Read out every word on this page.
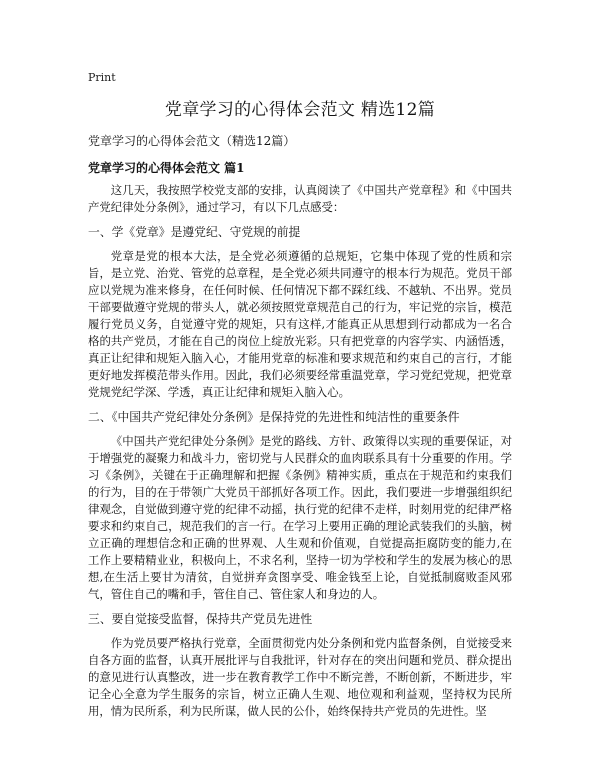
Print
党章学习的心得体会范文 精选12篇
党章学习的心得体会范文（精选12篇）
党章学习的心得体会范文 篇1

这几天，我按照学校党支部的安排，认真阅读了《中国共产党章程》和《中国共产党纪律处分条例》，通过学习，有以下几点感受：

一、学《党章》是遵党纪、守党规的前提

党章是党的根本大法，是全党必须遵循的总规矩，它集中体现了党的性质和宗旨，是立党、治党、管党的总章程，是全党必须共同遵守的根本行为规范。党员干部应以党规为准来修身，在任何时候、任何情况下都不踩红线、不越轨、不出界。党员干部要做遵守党规的带头人，就必须按照党章规范自己的行为，牢记党的宗旨，模范履行党员义务，自觉遵守党的规矩，只有这样,才能真正从思想到行动都成为一名合格的共产党员，才能在自己的岗位上绽放光彩。只有把党章的内容学实、内涵悟透，真正让纪律和规矩入脑入心，才能用党章的标准和要求规范和约束自己的言行，才能更好地发挥模范带头作用。因此，我们必须要经常重温党章，学习党纪党规，把党章党规党纪学深、学透，真正让纪律和规矩入脑入心。

二、《中国共产党纪律处分条例》是保持党的先进性和纯洁性的重要条件

《中国共产党纪律处分条例》是党的路线、方针、政策得以实现的重要保证，对于增强党的凝聚力和战斗力，密切党与人民群众的血肉联系具有十分重要的作用。学习《条例》，关键在于正确理解和把握《条例》精神实质，重点在于规范和约束我们的行为，目的在于带领广大党员干部抓好各项工作。因此，我们要进一步增强组织纪律观念，自觉做到遵守党的纪律不动摇，执行党的纪律不走样，时刻用党的纪律严格要求和约束自己，规范我们的言一行。在学习上要用正确的理论武装我们的头脑，树立正确的理想信念和正确的世界观、人生观和价值观，自觉提高拒腐防变的能力,在工作上要精精业业，积极向上，不求名利，坚持一切为学校和学生的发展为核心的思想,在生活上要甘为清贫，自觉拼弃贪图享受、唯金钱至上论，自觉抵制腐败歪风邪气，管住自己的嘴和手，管住自己、管住家人和身边的人。

三、要自觉接受监督，保持共产党员先进性

作为党员要严格执行党章，全面贯彻党内处分条例和党内监督条例，自觉接受来自各方面的监督，认真开展批评与自我批评，针对存在的突出问题和党员、群众提出的意见进行认真整改，进一步在教育教学工作中不断完善，不断创新，不断进步，牢记全心全意为学生服务的宗旨，树立正确人生观、地位观和利益观，坚持权为民所用，情为民所系，利为民所谋，做人民的公仆，始终保持共产党员的先进性。坚
